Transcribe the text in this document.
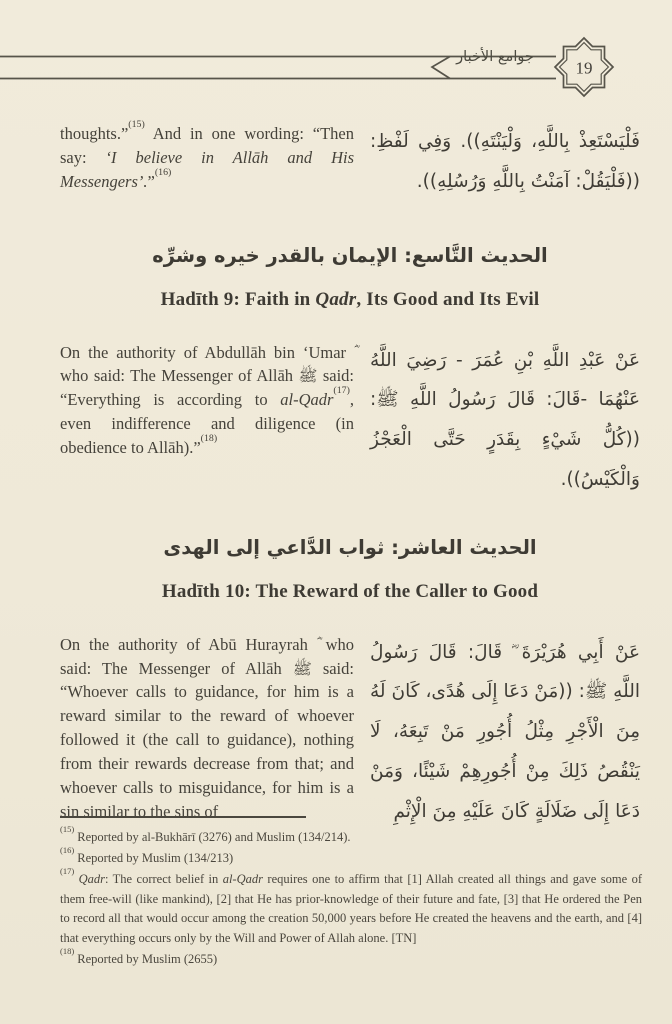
19
جوامع الأخبار

thoughts.”$^{(15)}$ And in one wording: “Then say: ‘I believe in Allāh and His Messengers’.”$^{(16)}$

فَلْيَسْتَعِذْ بِاللَّهِ، وَلْيَنْتَهِ)). وَفِي لَفْظِ: ((فَلْيَقُلْ: آمَنْتُ بِاللَّهِ وَرُسُلِهِ)).

الحديث التَّاسع: الإيمان بالقدر خيره وشرِّه
Hadīth 9: Faith in Qadr, Its Good and Its Evil

On the authority of Abdullāh bin ‘Umar who said: The Messenger of Allāh ﷺ said: “Everything is according to al-Qadr$^{(17)}$, even indifference and diligence (in obedience to Allāh).”$^{(18)}$

عَنْ عَبْدِ اللَّهِ بْنِ عُمَرَ - رَضِيَ اللَّهُ عَنْهُمَا -قَالَ: قَالَ رَسُولُ اللَّهِ ﷺ: ((كُلُّ شَيْءٍ بِقَدَرٍ حَتَّى الْعَجْزُ وَالْكَيْسُ)).

الحديث العاشر: ثواب الدَّاعي إلى الهدى
Hadīth 10: The Reward of the Caller to Good

On the authority of Abū Hurayrah who said: The Messenger of Allāh ﷺ said: “Whoever calls to guidance, for him is a reward similar to the reward of whoever followed it (the call to guidance), nothing from their rewards decrease from that; and whoever calls to misguidance, for him is a sin similar to the sins of

عَنْ أَبِي هُرَيْرَةَ ؓ قَالَ: قَالَ رَسُولُ اللَّهِ ﷺ: ((مَنْ دَعَا إِلَى هُدًى، كَانَ لَهُ مِنَ الْأَجْرِ مِثْلُ أُجُورِ مَنْ تَبِعَهُ، لَا يَنْقُصُ ذَلِكَ مِنْ أُجُورِهِمْ شَيْئًا، وَمَنْ دَعَا إِلَى ضَلَالَةٍ كَانَ عَلَيْهِ مِنَ الْإِثْمِ

$^{(15)}$ Reported by al-Bukhārī (3276) and Muslim (134/214).

$^{(16)}$ Reported by Muslim (134/213)

$^{(17)}$ Qadr: The correct belief in al-Qadr requires one to affirm that [1] Allah created all things and gave some of them free-will (like mankind), [2] that He has prior-knowledge of their future and fate, [3] that He ordered the Pen to record all that would occur among the creation 50,000 years before He created the heavens and the earth, and [4] that everything occurs only by the Will and Power of Allah alone. [TN]

$^{(18)}$ Reported by Muslim (2655)
